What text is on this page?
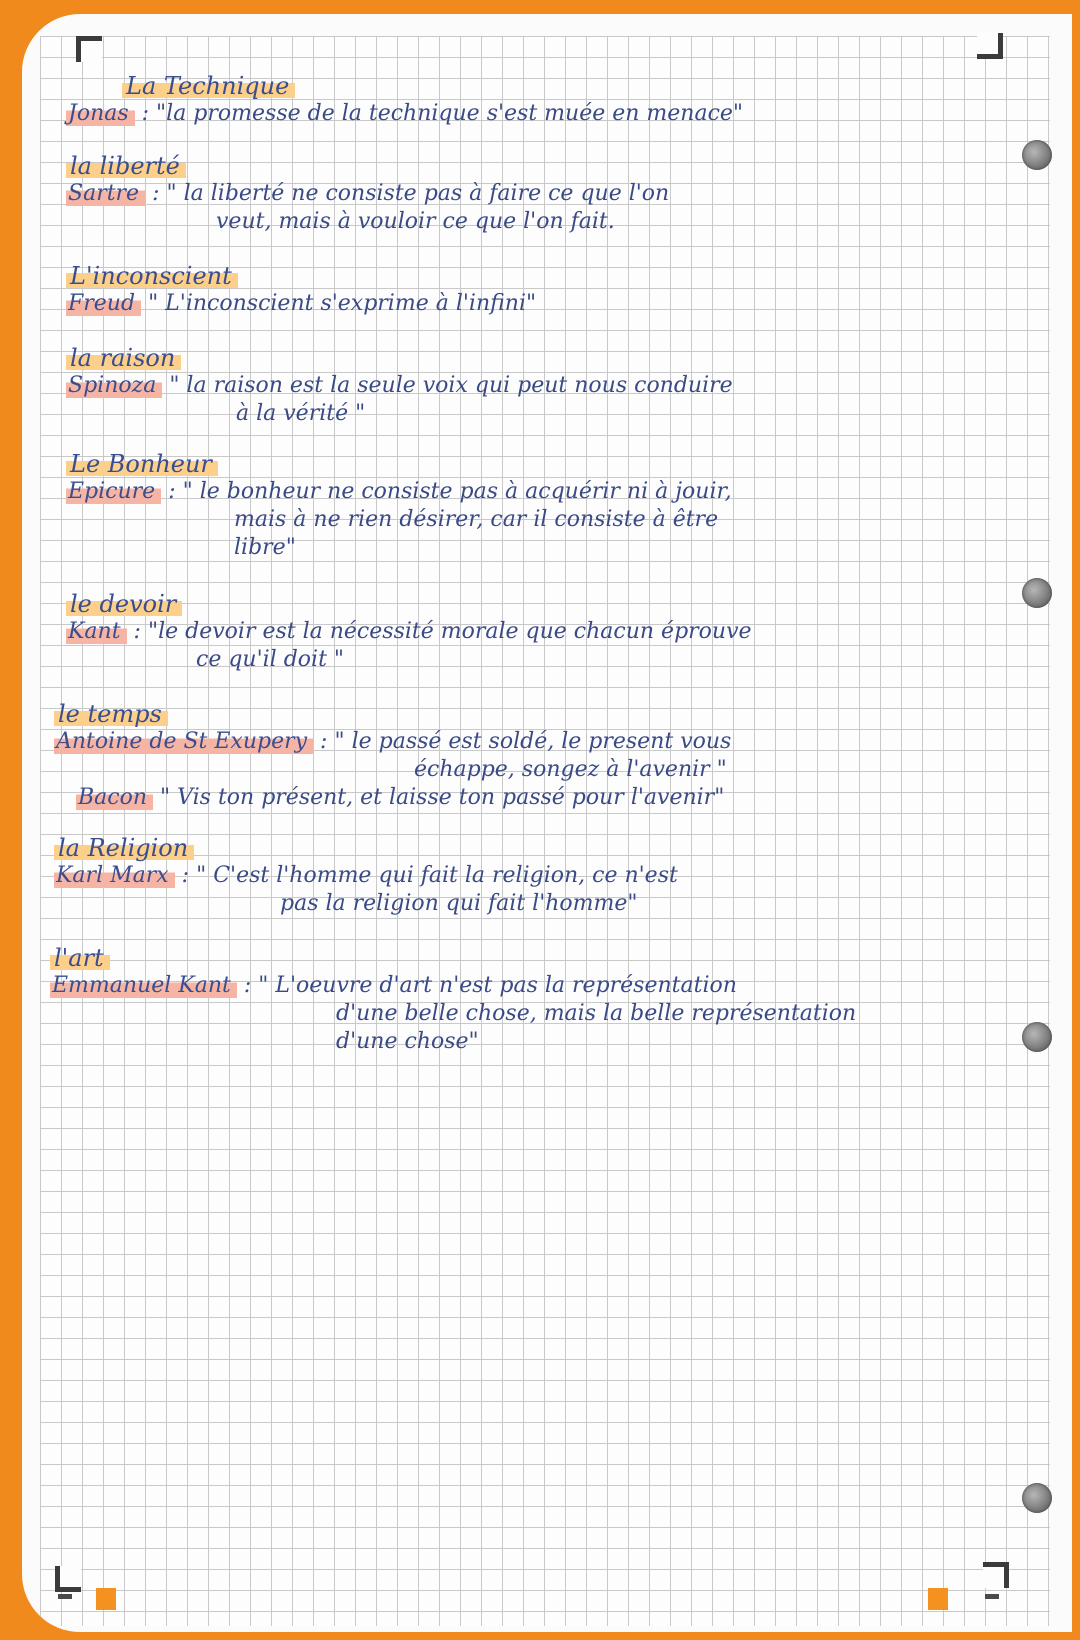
La Technique
Jonas : "la promesse de la technique s'est muée en menace"
la liberté
Sartre : " la liberté ne consiste pas à faire ce que l'on
veut, mais à vouloir ce que l'on fait.
L'inconscient
Freud " L'inconscient s'exprime à l'infini"
la raison
Spinoza " la raison est la seule voix qui peut nous conduire
à la vérité "
Le Bonheur
Epicure : " le bonheur ne consiste pas à acquérir ni à jouir,
mais à ne rien désirer, car il consiste à être
libre"
le devoir
Kant : "le devoir est la nécessité morale que chacun éprouve
ce qu'il doit "
le temps
Antoine de St Exupery : " le passé est soldé, le present vous
échappe, songez à l'avenir "
Bacon " Vis ton présent, et laisse ton passé pour l'avenir"
la Religion
Karl Marx : " C'est l'homme qui fait la religion, ce n'est
pas la religion qui fait l'homme"
l'art
Emmanuel Kant : " L'oeuvre d'art n'est pas la représentation
d'une belle chose, mais la belle représentation
d'une chose"
